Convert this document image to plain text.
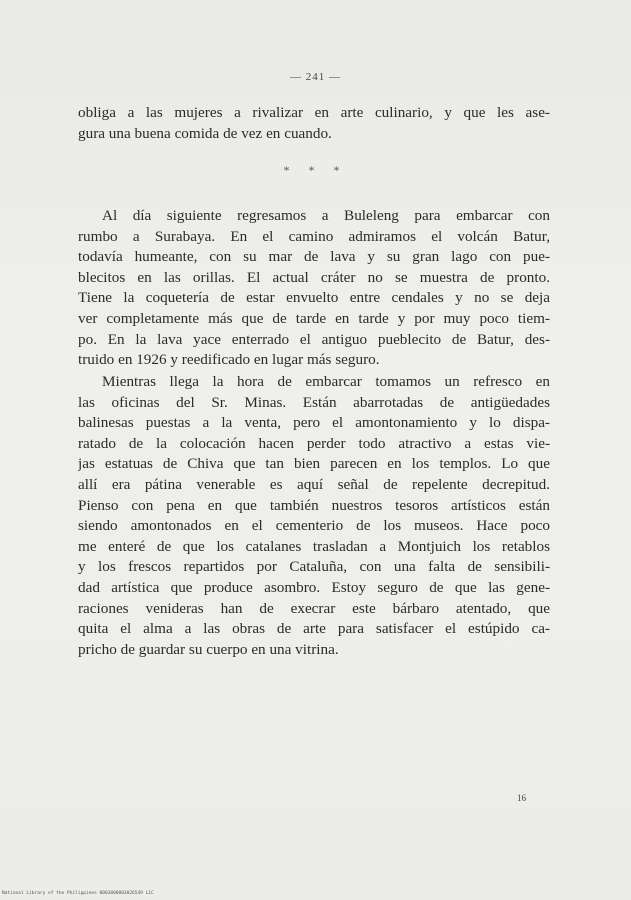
— 241 —
obliga a las mujeres a rivalizar en arte culinario, y que les ase-
gura una buena comida de vez en cuando.
* * *
Al día siguiente regresamos a Buleleng para embarcar con
rumbo a Surabaya. En el camino admiramos el volcán Batur,
todavía humeante, con su mar de lava y su gran lago con pue-
blecitos en las orillas. El actual cráter no se muestra de pronto.
Tiene la coquetería de estar envuelto entre cendales y no se deja
ver completamente más que de tarde en tarde y por muy poco tiem-
po. En la lava yace enterrado el antiguo pueblecito de Batur, des-
truido en 1926 y reedificado en lugar más seguro.
Mientras llega la hora de embarcar tomamos un refresco en
las oficinas del Sr. Minas. Están abarrotadas de antigüedades
balinesas puestas a la venta, pero el amontonamiento y lo dispa-
ratado de la colocación hacen perder todo atractivo a estas vie-
jas estatuas de Chiva que tan bien parecen en los templos. Lo que
allí era pátina venerable es aquí señal de repelente decrepitud.
Pienso con pena en que también nuestros tesoros artísticos están
siendo amontonados en el cementerio de los museos. Hace poco
me enteré de que los catalanes trasladan a Montjuich los retablos
y los frescos repartidos por Cataluña, con una falta de sensibili-
dad artística que produce asombro. Estoy seguro de que las gene-
raciones venideras han de execrar este bárbaro atentado, que
quita el alma a las obras de arte para satisfacer el estúpido ca-
pricho de guardar su cuerpo en una vitrina.
16
National Library of the Philippines 0003000003026549 L1C
